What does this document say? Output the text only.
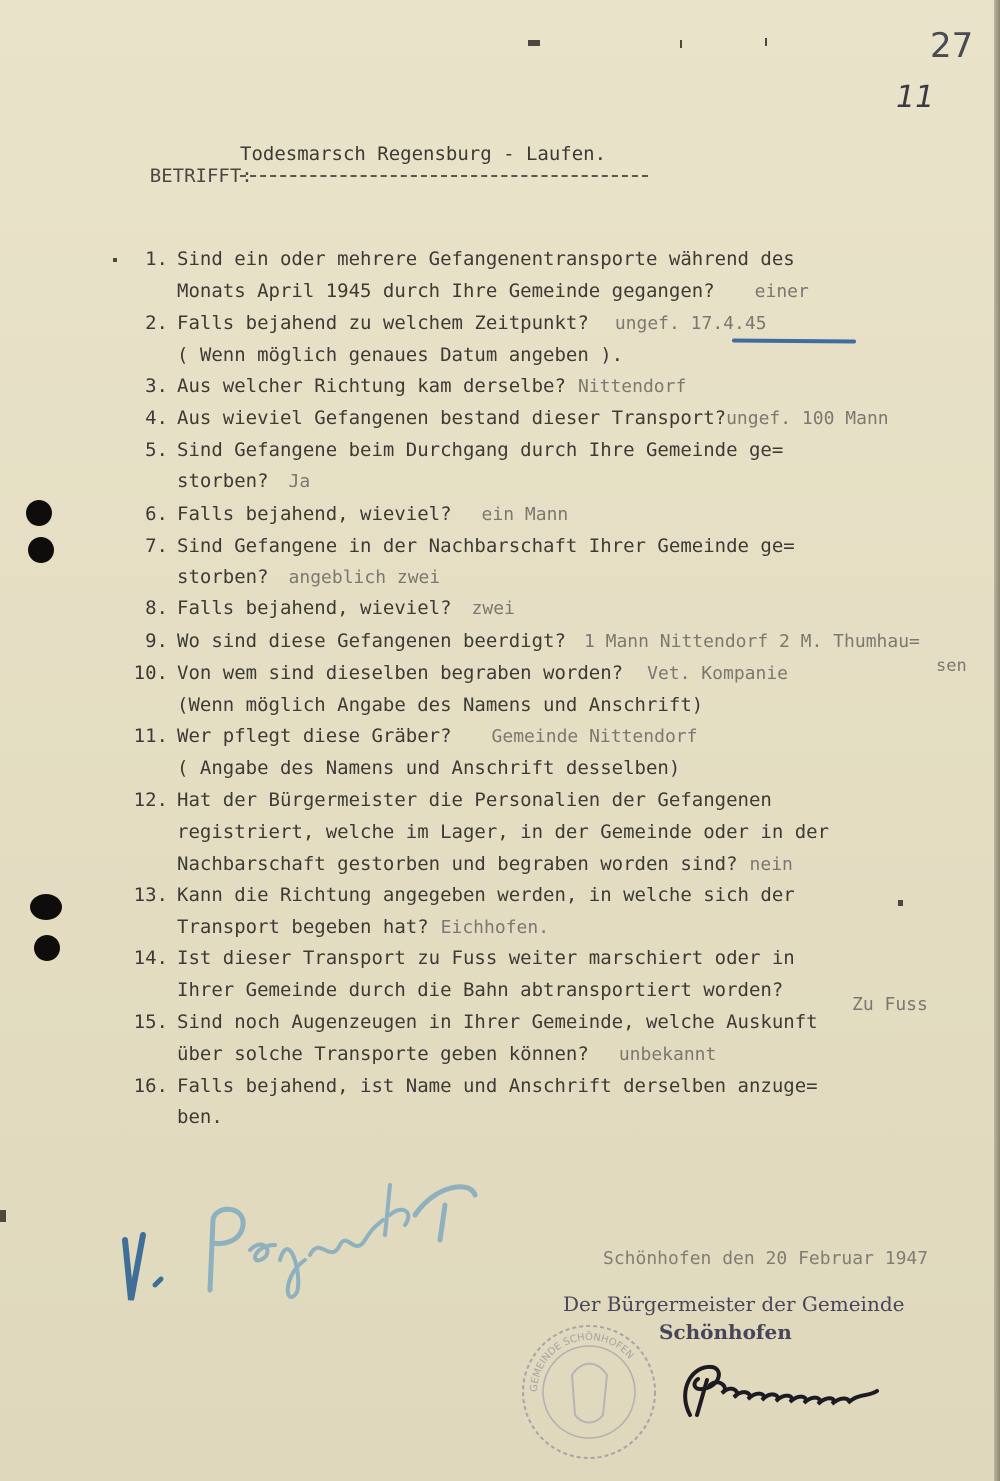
27
11

BETRIFFT:

Todesmarsch Regensburg - Laufen.

1. Sind ein oder mehrere Gefangenentransporte während des
Monats April 1945 durch Ihre Gemeinde gegangen? einer
2. Falls bejahend zu welchem Zeitpunkt? ungef. 17.4.45
( Wenn möglich genaues Datum angeben ).
3. Aus welcher Richtung kam derselbe? Nittendorf
4. Aus wieviel Gefangenen bestand dieser Transport?ungef. 100 Mann
5. Sind Gefangene beim Durchgang durch Ihre Gemeinde ge=
storben? Ja
6. Falls bejahend, wieviel? ein Mann
7. Sind Gefangene in der Nachbarschaft Ihrer Gemeinde ge=
storben? angeblich zwei
8. Falls bejahend, wieviel? zwei
9. Wo sind diese Gefangenen beerdigt? 1 Mann Nittendorf 2 M. Thumhau=
sen
10. Von wem sind dieselben begraben worden? Vet. Kompanie
(Wenn möglich Angabe des Namens und Anschrift)
11. Wer pflegt diese Gräber? Gemeinde Nittendorf
( Angabe des Namens und Anschrift desselben)
12. Hat der Bürgermeister die Personalien der Gefangenen
registriert, welche im Lager, in der Gemeinde oder in der
Nachbarschaft gestorben und begraben worden sind? nein
13. Kann die Richtung angegeben werden, in welche sich der
Transport begeben hat? Eichhofen.
14. Ist dieser Transport zu Fuss weiter marschiert oder in
Ihrer Gemeinde durch die Bahn abtransportiert worden?
Zu Fuss
15. Sind noch Augenzeugen in Ihrer Gemeinde, welche Auskunft
über solche Transporte geben können? unbekannt
16. Falls bejahend, ist Name und Anschrift derselben anzuge=
ben.
Schönhofen den 20 Februar 1947
GEMEINDE SCHÖNHOFEN
Der Bürgermeister der Gemeinde
Schönhofen
